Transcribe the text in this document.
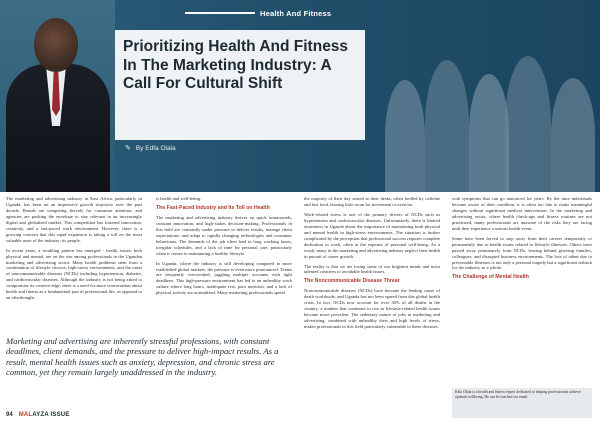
Health And Fitness
Prioritizing Health And Fitness In The Marketing Industry: A Call For Cultural Shift
✎ By Edfa Olala

The marketing and advertising industry in East Africa, particularly in Uganda, has been on an impressive growth trajectory over the past decade. Brands are competing fiercely for consumer attention, and agencies are pushing the envelope to stay relevant in an increasingly digital and globalized market. This competition has fostered innovation, creativity, and a fast-paced work environment. However, there is a growing concern that this rapid expansion is taking a toll on the most valuable asset of the industry: its people.

In recent years, a troubling pattern has emerged - health issues, both physical and mental, are on the rise among professionals in the Ugandan marketing and advertising sector. Many health problems stem from a combination of lifestyle choices, high-stress environments, and the onset of noncommunicable diseases (NCDs) including hypertension, diabetes, and cardiovascular diseases. Although the industry is not being asked to compromise its creative edge, there is a need for more conversation about health and fitness as a fundamental part of professional life, as opposed to an afterthought.

is health and well-being.

The Fast-Paced Industry and Its Toll on Health

The marketing and advertising industry thrives on quick turnarounds, constant innovation, and high-stakes decision-making. Professionals in this field are constantly under pressure to deliver results, manage client expectations, and adapt to rapidly changing technologies and consumer behaviours. The demands of the job often lead to long working hours, irregular schedules, and a lack of time for personal care, particularly when it comes to maintaining a healthy lifestyle.

In Uganda, where the industry is still developing compared to more established global markets, the pressure is even more pronounced. Teams are frequently overworked, juggling multiple accounts with tight deadlines. This high-pressure environment has led to an unhealthy work culture where long hours, inadequate rest, poor nutrition, and a lack of physical activity are normalized. Many marketing professionals spend

the majority of their day seated at their desks, often fuelled by caffeine and fast food, leaving little room for movement or exercise.

Work-related stress is one of the primary drivers of NCDs such as hypertension and cardiovascular diseases. Unfortunately, there is limited awareness in Uganda about the importance of maintaining both physical and mental health in high-stress environments. The situation is further complicated by the perception that professional success requires complete dedication to work, often at the expense of personal well-being. As a result, many in the marketing and advertising industry neglect their health in pursuit of career growth.

The reality is that we are losing some of our brightest minds and most talented creatives to avoidable health issues.

The Noncommunicable Disease Threat

Noncommunicable diseases (NCDs) have become the leading cause of death worldwide, and Uganda has not been spared from this global health crisis. In fact, NCDs now account for over 30% of all deaths in the country, a number that continues to rise as lifestyle-related health issues become more prevalent. The sedentary nature of jobs in marketing and advertising, combined with unhealthy diets and high levels of stress, makes professionals in this field particularly vulnerable to these diseases.

with symptoms that can go unnoticed for years. By the time individuals become aware of their condition, it is often too late to make meaningful changes without significant medical intervention. In the marketing and advertising sector, where health check-ups and fitness routines are not prioritized, many professionals are unaware of the risks they are facing until they experience a serious health event.

Some have been forced to step away from their careers temporarily or permanently due to health issues related to lifestyle illnesses. Others have passed away prematurely from NCDs, leaving behind grieving families, colleagues, and disrupted business environments. The loss of talent due to preventable illnesses is not only a personal tragedy but a significant setback for the industry as a whole.

The Challenge of Mental Health
Marketing and advertising are inherently stressful professions, with constant deadlines, client demands, and the pressure to deliver high-impact results. As a result, mental health issues such as anxiety, depression, and chronic stress are common, yet they remain largely unaddressed in the industry.
Edfa Olala is a health and fitness expert dedicated to helping professionals achieve optimal wellbeing. He can be reached via email.
94 MALAYZA ISSUE
